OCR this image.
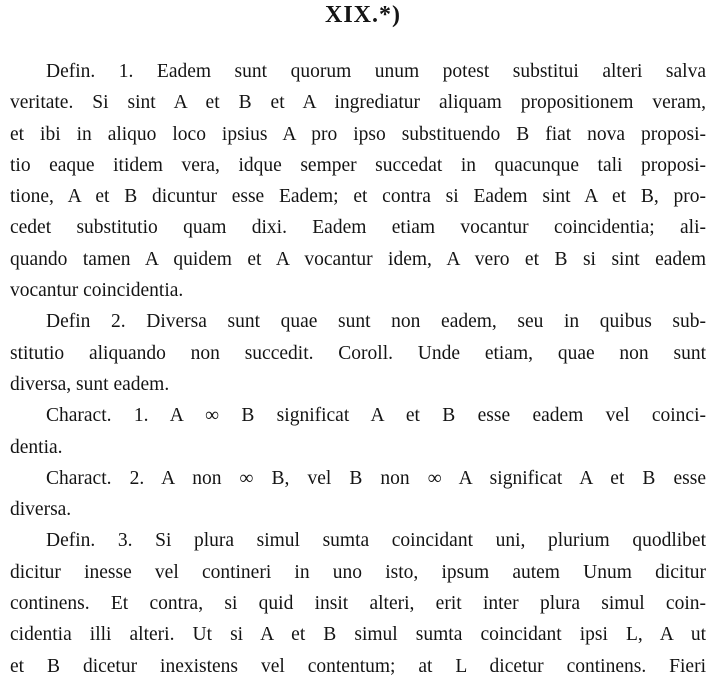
XIX.*)
Defin. 1. Eadem sunt quorum unum potest substitui alteri salva
veritate. Si sint A et B et A ingrediatur aliquam propositionem veram,
et ibi in aliquo loco ipsius A pro ipso substituendo B fiat nova proposi-
tio eaque itidem vera, idque semper succedat in quacunque tali proposi-
tione, A et B dicuntur esse Eadem; et contra si Eadem sint A et B, pro-
cedet substitutio quam dixi. Eadem etiam vocantur coincidentia; ali-
quando tamen A quidem et A vocantur idem, A vero et B si sint eadem
vocantur coincidentia.
Defin 2. Diversa sunt quae sunt non eadem, seu in quibus sub-
stitutio aliquando non succedit. Coroll. Unde etiam, quae non sunt
diversa, sunt eadem.
Charact. 1. A ∞ B significat A et B esse eadem vel coinci-
dentia.
Charact. 2. A non ∞ B, vel B non ∞ A significat A et B esse
diversa.
Defin. 3. Si plura simul sumta coincidant uni, plurium quodlibet
dicitur inesse vel contineri in uno isto, ipsum autem Unum dicitur
continens. Et contra, si quid insit alteri, erit inter plura simul coin-
cidentia illi alteri. Ut si A et B simul sumta coincidant ipsi L, A ut
et B dicetur inexistens vel contentum; at L dicetur continens. Fieri
